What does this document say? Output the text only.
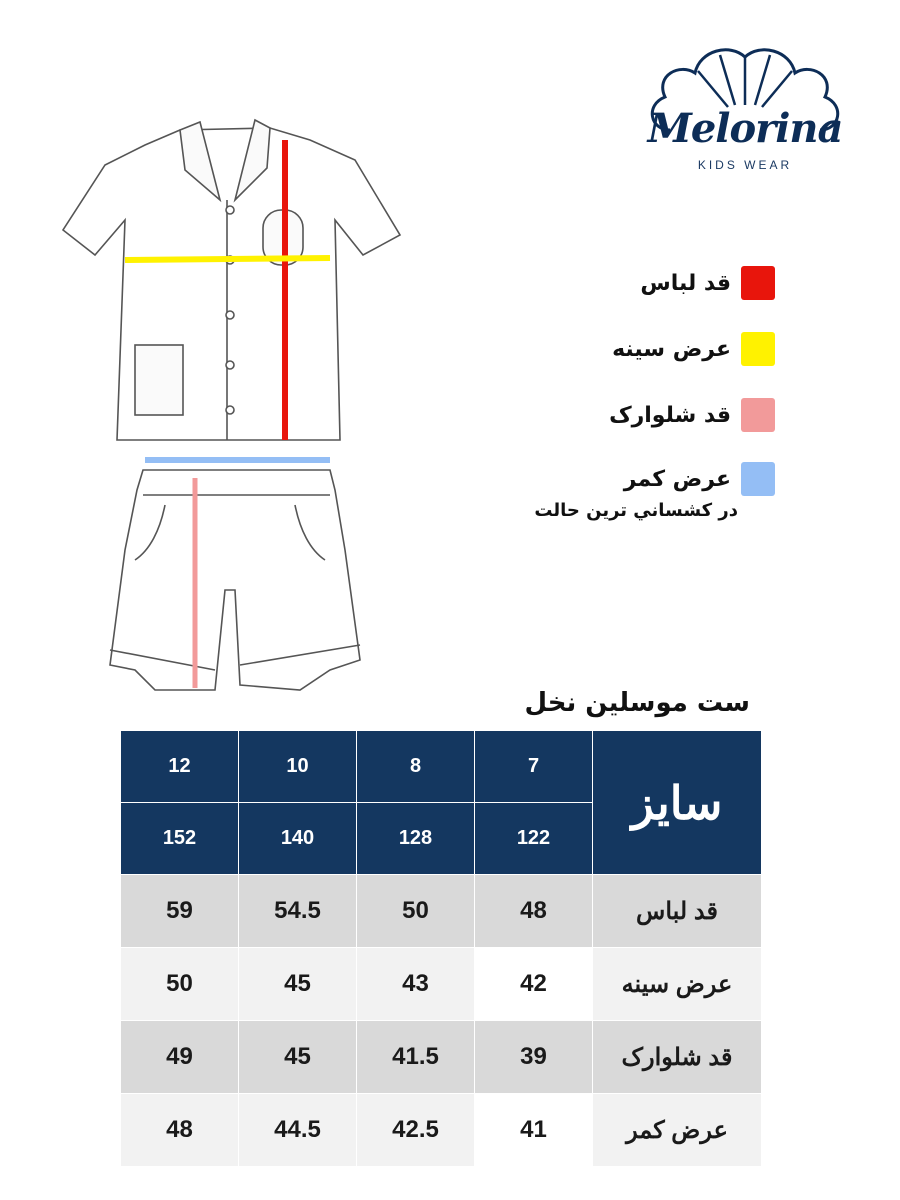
Melorina
KIDS WEAR
قد لباس
عرض سینه
قد شلوارک
عرض کمر
در کشساني ترين حالت
ست موسلین نخل
12	10	8	7	سایز
152	140	128	122	
59	54.5	50	48	قد لباس
50	45	43	42	عرض سینه
49	45	41.5	39	قد شلوارک
48	44.5	42.5	41	عرض کمر
